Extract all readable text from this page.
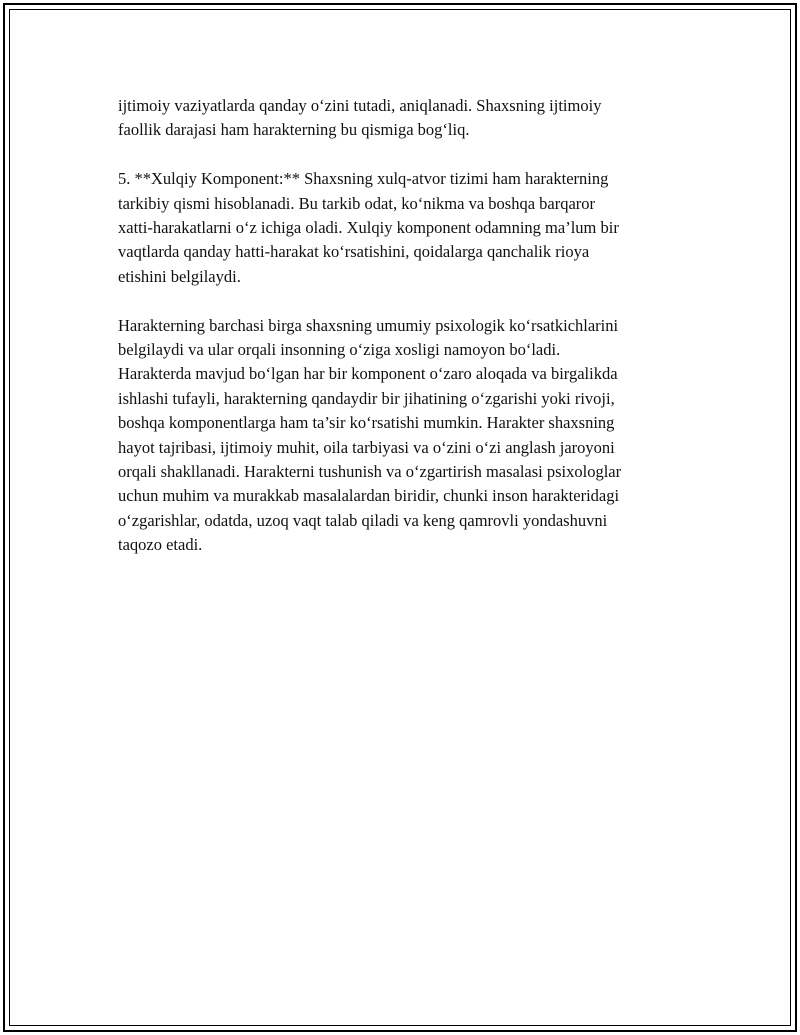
ijtimoiy vaziyatlarda qanday o‘zini tutadi, aniqlanadi. Shaxsning ijtimoiy
faollik darajasi ham harakterning bu qismiga bog‘liq.

5. **Xulqiy Komponent:** Shaxsning xulq-atvor tizimi ham harakterning
tarkibiy qismi hisoblanadi. Bu tarkib odat, ko‘nikma va boshqa barqaror
xatti-harakatlarni o‘z ichiga oladi. Xulqiy komponent odamning ma’lum bir
vaqtlarda qanday hatti-harakat ko‘rsatishini, qoidalarga qanchalik rioya
etishini belgilaydi.

Harakterning barchasi birga shaxsning umumiy psixologik ko‘rsatkichlarini
belgilaydi va ular orqali insonning o‘ziga xosligi namoyon bo‘ladi.
Harakterda mavjud bo‘lgan har bir komponent o‘zaro aloqada va birgalikda
ishlashi tufayli, harakterning qandaydir bir jihatining o‘zgarishi yoki rivoji,
boshqa komponentlarga ham ta’sir ko‘rsatishi mumkin. Harakter shaxsning
hayot tajribasi, ijtimoiy muhit, oila tarbiyasi va o‘zini o‘zi anglash jaroyoni
orqali shakllanadi. Harakterni tushunish va o‘zgartirish masalasi psixologlar
uchun muhim va murakkab masalalardan biridir, chunki inson harakteridagi
o‘zgarishlar, odatda, uzoq vaqt talab qiladi va keng qamrovli yondashuvni
taqozo etadi.
